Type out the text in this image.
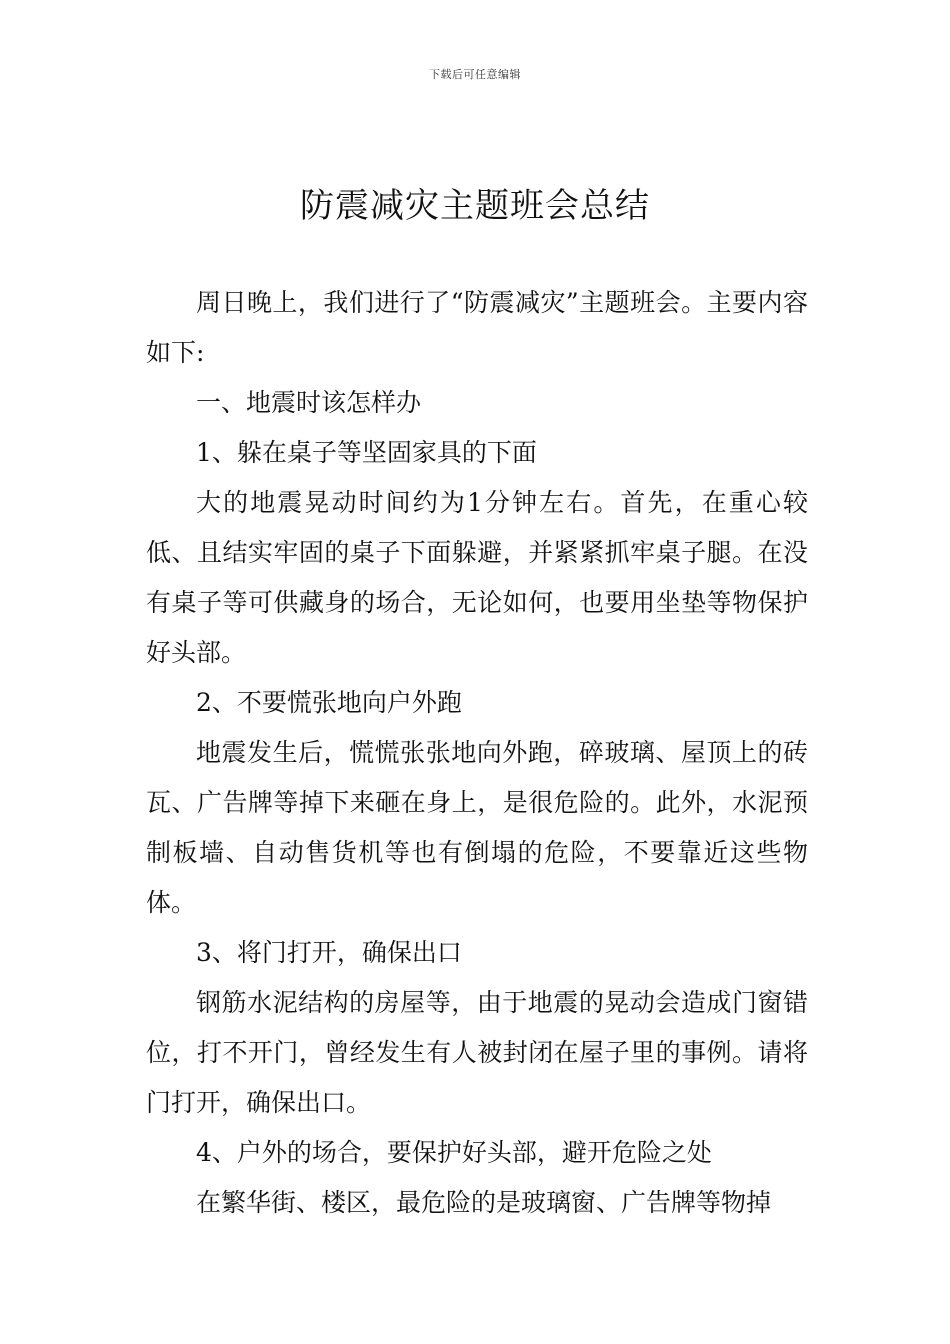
下载后可任意编辑
防震减灾主题班会总结

周日晚上，我们进行了“防震减灾”主题班会。主要内容如下:

一、地震时该怎样办

1、躲在桌子等坚固家具的下面

大的地震晃动时间约为1分钟左右。首先，在重心较低、且结实牢固的桌子下面躲避，并紧紧抓牢桌子腿。在没有桌子等可供藏身的场合，无论如何，也要用坐垫等物保护好头部。

2、不要慌张地向户外跑

地震发生后，慌慌张张地向外跑，碎玻璃、屋顶上的砖瓦、广告牌等掉下来砸在身上，是很危险的。此外，水泥预制板墙、自动售货机等也有倒塌的危险，不要靠近这些物体。

3、将门打开，确保出口

钢筋水泥结构的房屋等，由于地震的晃动会造成门窗错位，打不开门，曾经发生有人被封闭在屋子里的事例。请将门打开，确保出口。

4、户外的场合，要保护好头部，避开危险之处

在繁华街、楼区，最危险的是玻璃窗、广告牌等物掉
